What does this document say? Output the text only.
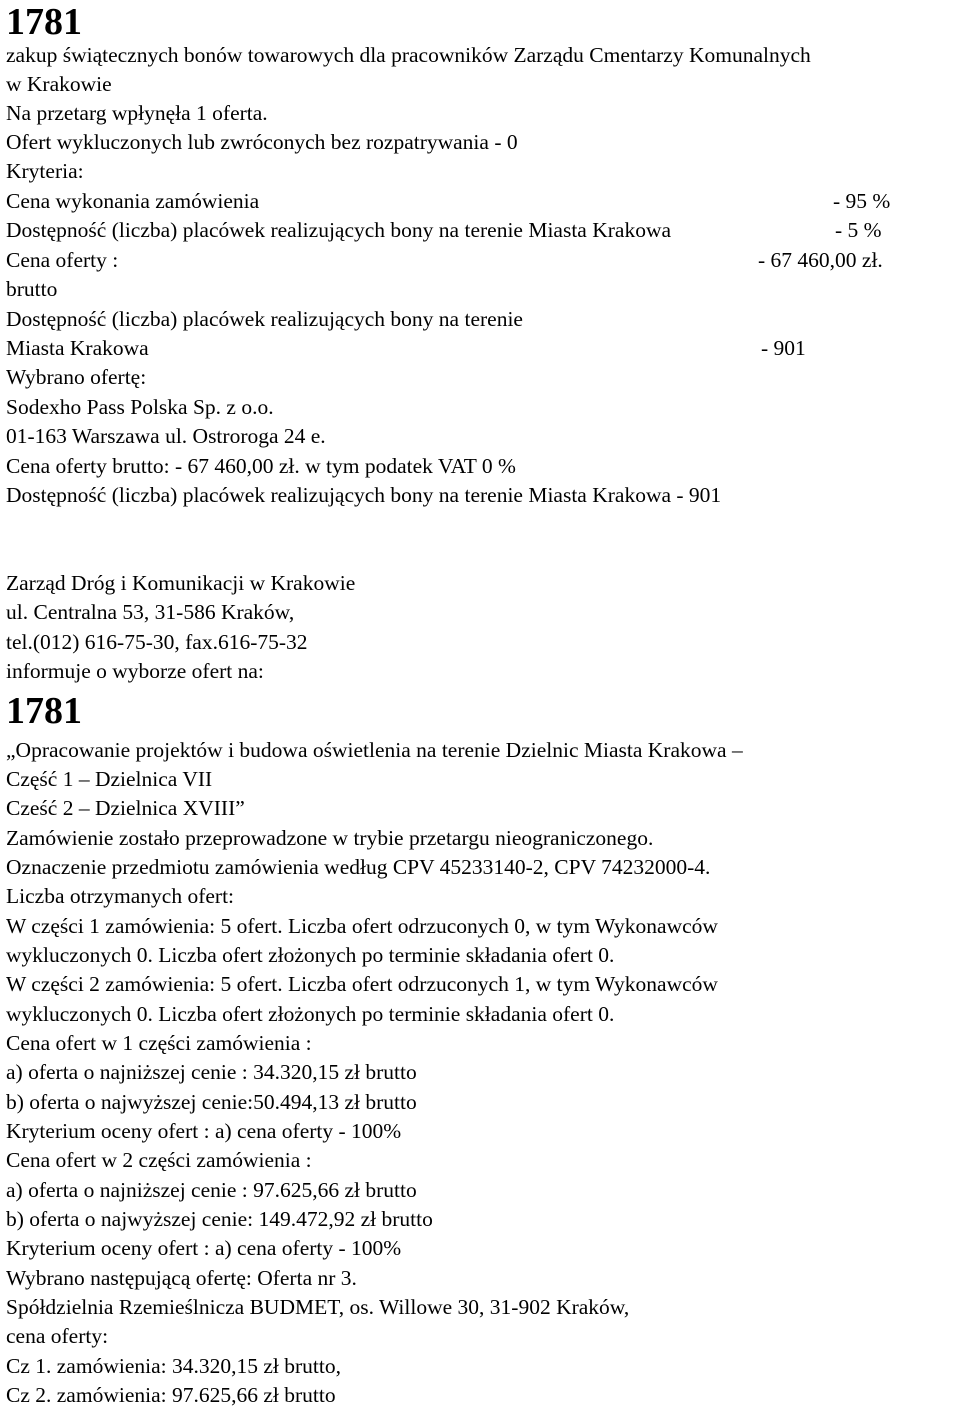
1781
zakup świątecznych bonów towarowych dla pracowników Zarządu Cmentarzy Komunalnych
w Krakowie
Na przetarg wpłynęła 1 oferta.
Ofert wykluczonych lub zwróconych bez rozpatrywania - 0
Kryteria:
Cena wykonania zamówienia	- 95 %
Dostępność (liczba) placówek realizujących bony na terenie Miasta Krakowa	- 5 %
Cena oferty :	- 67 460,00 zł.
brutto
Dostępność (liczba) placówek realizujących bony na terenie
Miasta Krakowa	- 901
Wybrano ofertę:
Sodexho Pass Polska Sp. z o.o.
01-163 Warszawa ul. Ostroroga 24 e.
Cena oferty brutto: - 67 460,00 zł. w tym podatek VAT 0 %
Dostępność (liczba) placówek realizujących bony na terenie Miasta Krakowa - 901
Zarząd Dróg i Komunikacji w Krakowie
ul. Centralna 53, 31-586 Kraków,
tel.(012) 616-75-30, fax.616-75-32
informuje o wyborze ofert na:
1781
„Opracowanie projektów i budowa oświetlenia na terenie Dzielnic Miasta Krakowa –
Część 1 – Dzielnica VII
Cześć 2 – Dzielnica XVIII”
Zamówienie zostało przeprowadzone w trybie przetargu nieograniczonego.
Oznaczenie przedmiotu zamówienia według CPV 45233140-2, CPV 74232000-4.
Liczba otrzymanych ofert:
W części 1 zamówienia: 5 ofert. Liczba ofert odrzuconych 0, w tym Wykonawców
wykluczonych 0. Liczba ofert złożonych po terminie składania ofert 0.
W części 2 zamówienia: 5 ofert. Liczba ofert odrzuconych 1, w tym Wykonawców
wykluczonych 0. Liczba ofert złożonych po terminie składania ofert 0.
Cena ofert w 1 części zamówienia :
a) oferta o najniższej cenie : 34.320,15 zł brutto
b) oferta o najwyższej cenie:50.494,13 zł brutto
Kryterium oceny ofert : a) cena oferty - 100%
Cena ofert w 2 części zamówienia :
a) oferta o najniższej cenie : 97.625,66 zł brutto
b) oferta o najwyższej cenie: 149.472,92 zł brutto
Kryterium oceny ofert : a) cena oferty - 100%
Wybrano następującą ofertę: Oferta nr 3.
Spółdzielnia Rzemieślnicza BUDMET, os. Willowe 30, 31-902 Kraków,
cena oferty:
Cz 1. zamówienia: 34.320,15 zł brutto,
Cz 2. zamówienia: 97.625,66 zł brutto
